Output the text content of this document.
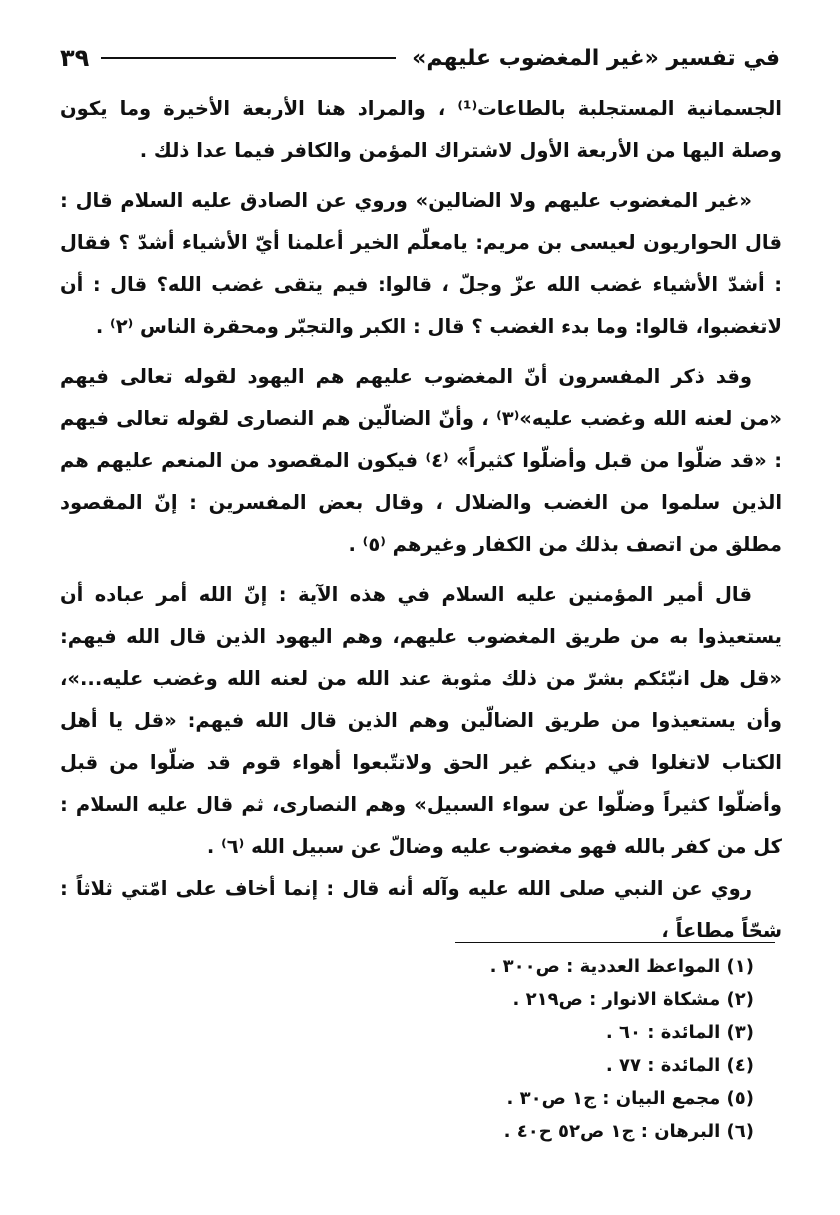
في تفسير «غير المغضوب عليهم»
٣٩

الجسمانية المستجلبة بالطاعات⁽¹⁾ ، والمراد هنا الأربعة الأخيرة وما يكون وصلة اليها من الأربعة الأول لاشتراك المؤمن والكافر فيما عدا ذلك .

«غير المغضوب عليهم ولا الضالين» وروي عن الصادق عليه السلام قال : قال الحواريون لعيسى بن مريم: يامعلّم الخير أعلمنا أيّ الأشياء أشدّ ؟ فقال : أشدّ الأشياء غضب الله عزّ وجلّ ، قالوا: فيم يتقى غضب الله؟ قال : أن لاتغضبوا، قالوا: وما بدء الغضب ؟ قال : الكبر والتجبّر ومحقرة الناس ⁽٢⁾ .

وقد ذكر المفسرون أنّ المغضوب عليهم هم اليهود لقوله تعالى فيهم «من لعنه الله وغضب عليه»⁽٣⁾ ، وأنّ الضالّين هم النصارى لقوله تعالى فيهم : «قد ضلّوا من قبل وأضلّوا كثيراً» ⁽٤⁾ فيكون المقصود من المنعم عليهم هم الذين سلموا من الغضب والضلال ، وقال بعض المفسرين : إنّ المقصود مطلق من اتصف بذلك من الكفار وغيرهم ⁽٥⁾ .

قال أمير المؤمنين عليه السلام في هذه الآية : إنّ الله أمر عباده أن يستعيذوا به من طريق المغضوب عليهم، وهم اليهود الذين قال الله فيهم: «قل هل انبّئكم بشرّ من ذلك مثوبة عند الله من لعنه الله وغضب عليه...»، وأن يستعيذوا من طريق الضالّين وهم الذين قال الله فيهم: «قل يا أهل الكتاب لاتغلوا في دينكم غير الحق ولاتتّبعوا أهواء قوم قد ضلّوا من قبل وأضلّوا كثيراً وضلّوا عن سواء السبيل» وهم النصارى، ثم قال عليه السلام : كل من كفر بالله فهو مغضوب عليه وضالّ عن سبيل الله ⁽٦⁾ .

روي عن النبي صلى الله عليه وآله أنه قال : إنما أخاف على امّتي ثلاثاً : شحّاً مطاعاً ،

(١) المواعظ العددية : ص٣٠٠ .
(٢) مشكاة الانوار : ص٢١٩ .
(٣) المائدة : ٦٠ .
(٤) المائدة : ٧٧ .
(٥) مجمع البيان : ج١ ص٣٠ .
(٦) البرهان : ج١ ص٥٢ ح٤٠ .
